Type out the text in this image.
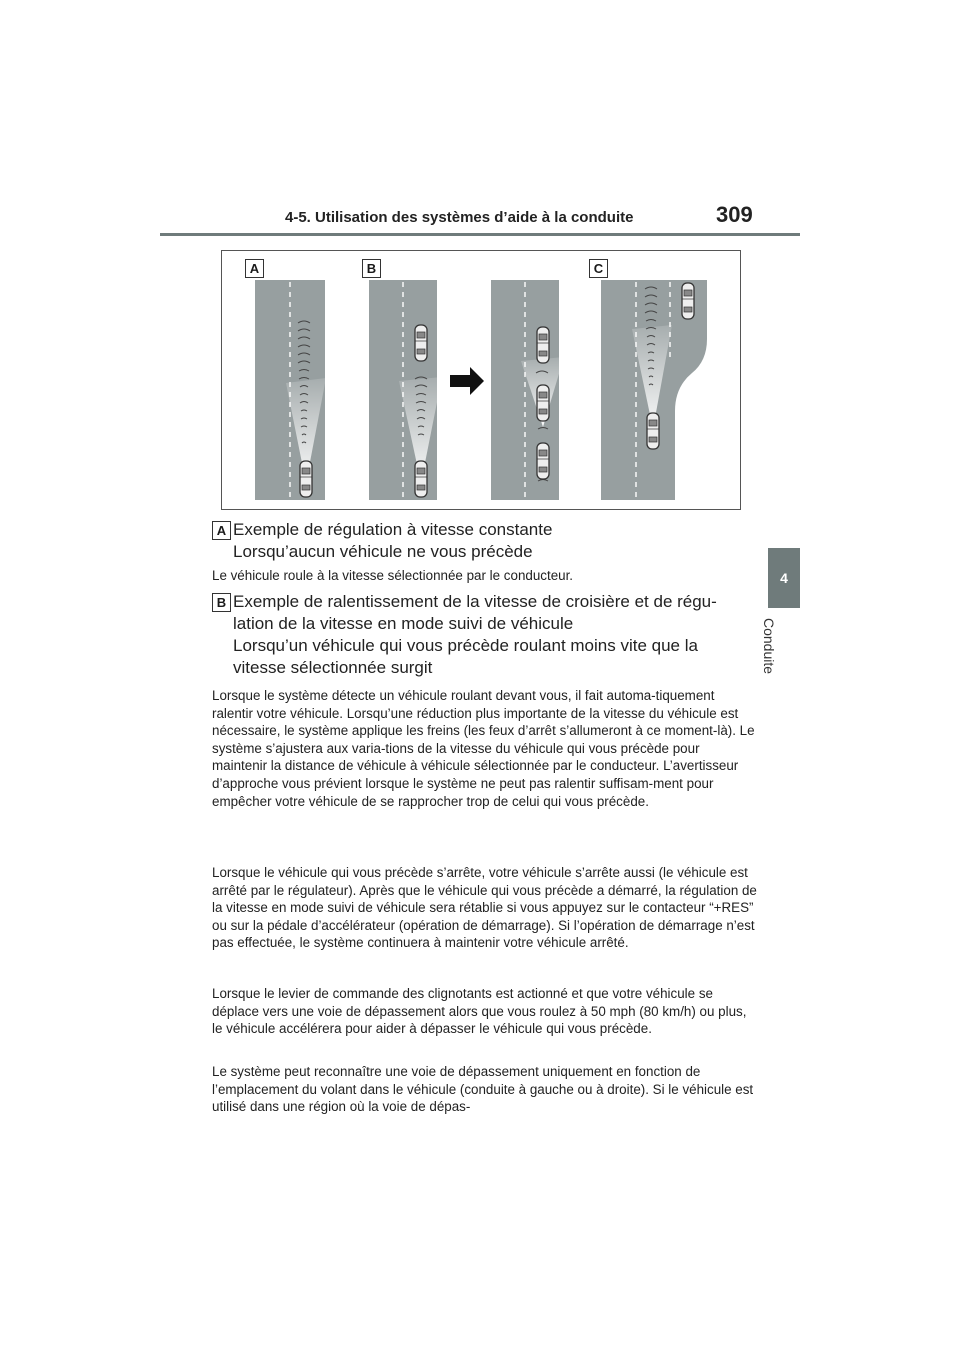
4-5. Utilisation des systèmes d’aide à la conduite	309
4
Conduite
A	B	C
A Exemple de régulation à vitesse constante
Lorsqu’aucun véhicule ne vous précède
Le véhicule roule à la vitesse sélectionnée par le conducteur.
B Exemple de ralentissement de la vitesse de croisière et de régu-
lation de la vitesse en mode suivi de véhicule
Lorsqu’un véhicule qui vous précède roulant moins vite que la
vitesse sélectionnée surgit
Lorsque le système détecte un véhicule roulant devant vous, il fait automa-tiquement ralentir votre véhicule. Lorsqu’une réduction plus importante de la vitesse du véhicule est nécessaire, le système applique les freins (les feux d’arrêt s’allumeront à ce moment-là). Le système s’ajustera aux varia-tions de la vitesse du véhicule qui vous précède pour maintenir la distance de véhicule à véhicule sélectionnée par le conducteur. L’avertisseur d’approche vous prévient lorsque le système ne peut pas ralentir suffisam-ment pour empêcher votre véhicule de se rapprocher trop de celui qui vous précède.
Lorsque le véhicule qui vous précède s’arrête, votre véhicule s’arrête aussi (le véhicule est arrêté par le régulateur). Après que le véhicule qui vous précède a démarré, la régulation de la vitesse en mode suivi de véhicule sera rétablie si vous appuyez sur le contacteur “+RES” ou sur la pédale d’accélérateur (opération de démarrage). Si l’opération de démarrage n’est pas effectuée, le système continuera à maintenir votre véhicule arrêté.
Lorsque le levier de commande des clignotants est actionné et que votre véhicule se déplace vers une voie de dépassement alors que vous roulez à 50 mph (80 km/h) ou plus, le véhicule accélérera pour aider à dépasser le véhicule qui vous précède.
Le système peut reconnaître une voie de dépassement uniquement en fonction de l’emplacement du volant dans le véhicule (conduite à gauche ou à droite). Si le véhicule est utilisé dans une région où la voie de dépas-
